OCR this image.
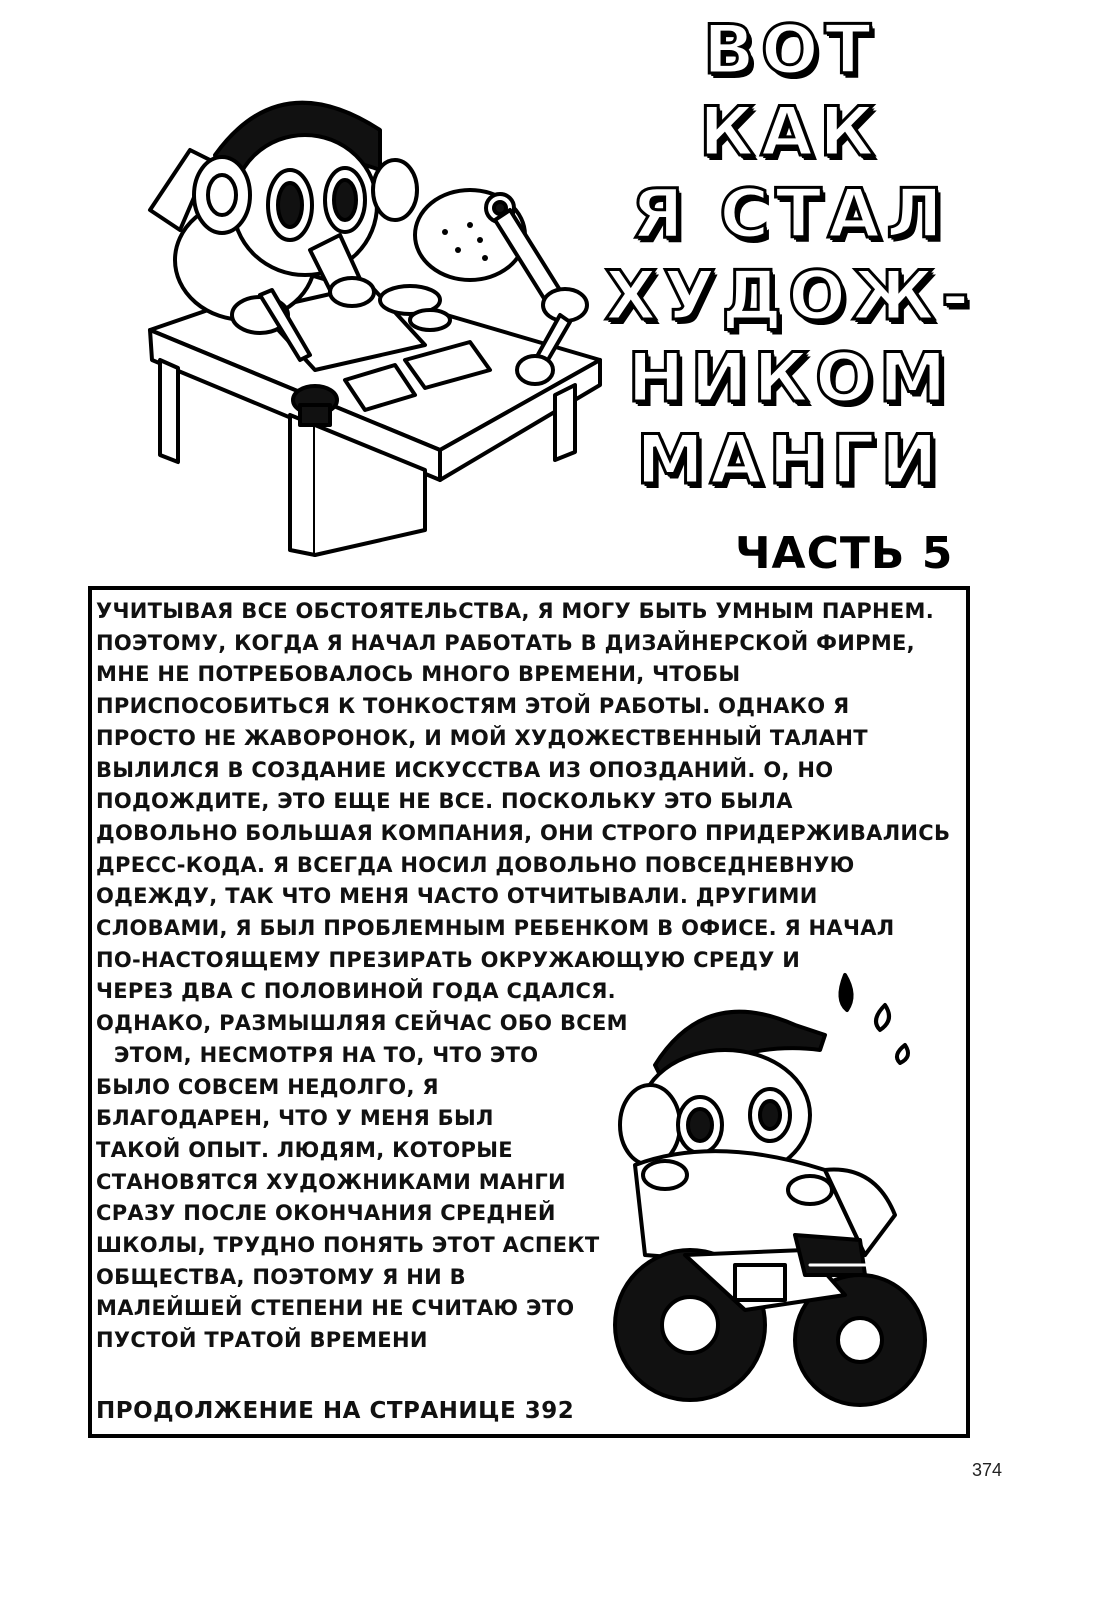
ВОТ КАК
Я СТАЛ
ХУДОЖ-
НИКОМ
МАНГИ
ЧАСТЬ 5
УЧИТЫВАЯ ВСЕ ОБСТОЯТЕЛЬСТВА, Я МОГУ БЫТЬ УМНЫМ ПАРНЕМ.
ПОЭТОМУ, КОГДА Я НАЧАЛ РАБОТАТЬ В ДИЗАЙНЕРСКОЙ ФИРМЕ,
МНЕ НЕ ПОТРЕБОВАЛОСЬ МНОГО ВРЕМЕНИ, ЧТОБЫ
ПРИСПОСОБИТЬСЯ К ТОНКОСТЯМ ЭТОЙ РАБОТЫ. ОДНАКО Я
ПРОСТО НЕ ЖАВОРОНОК, И МОЙ ХУДОЖЕСТВЕННЫЙ ТАЛАНТ
ВЫЛИЛСЯ В СОЗДАНИЕ ИСКУССТВА ИЗ ОПОЗДАНИЙ. О, НО
ПОДОЖДИТЕ, ЭТО ЕЩЕ НЕ ВСЕ. ПОСКОЛЬКУ ЭТО БЫЛА
ДОВОЛЬНО БОЛЬШАЯ КОМПАНИЯ, ОНИ СТРОГО ПРИДЕРЖИВАЛИСЬ
ДРЕСС-КОДА. Я ВСЕГДА НОСИЛ ДОВОЛЬНО ПОВСЕДНЕВНУЮ
ОДЕЖДУ, ТАК ЧТО МЕНЯ ЧАСТО ОТЧИТЫВАЛИ. ДРУГИМИ
СЛОВАМИ, Я БЫЛ ПРОБЛЕМНЫМ РЕБЕНКОМ В ОФИСЕ. Я НАЧАЛ
ПО-НАСТОЯЩЕМУ ПРЕЗИРАТЬ ОКРУЖАЮЩУЮ СРЕДУ И
ЧЕРЕЗ ДВА С ПОЛОВИНОЙ ГОДА СДАЛСЯ.
ОДНАКО, РАЗМЫШЛЯЯ СЕЙЧАС ОБО ВСЕМ
ЭТОМ, НЕСМОТРЯ НА ТО, ЧТО ЭТО
БЫЛО СОВСЕМ НЕДОЛГО, Я
БЛАГОДАРЕН, ЧТО У МЕНЯ БЫЛ
ТАКОЙ ОПЫТ. ЛЮДЯМ, КОТОРЫЕ
СТАНОВЯТСЯ ХУДОЖНИКАМИ МАНГИ
СРАЗУ ПОСЛЕ ОКОНЧАНИЯ СРЕДНЕЙ
ШКОЛЫ, ТРУДНО ПОНЯТЬ ЭТОТ АСПЕКТ
ОБЩЕСТВА, ПОЭТОМУ Я НИ В
МАЛЕЙШЕЙ СТЕПЕНИ НЕ СЧИТАЮ ЭТО
ПУСТОЙ ТРАТОЙ ВРЕМЕНИ
ПРОДОЛЖЕНИЕ НА СТРАНИЦЕ 392
374
